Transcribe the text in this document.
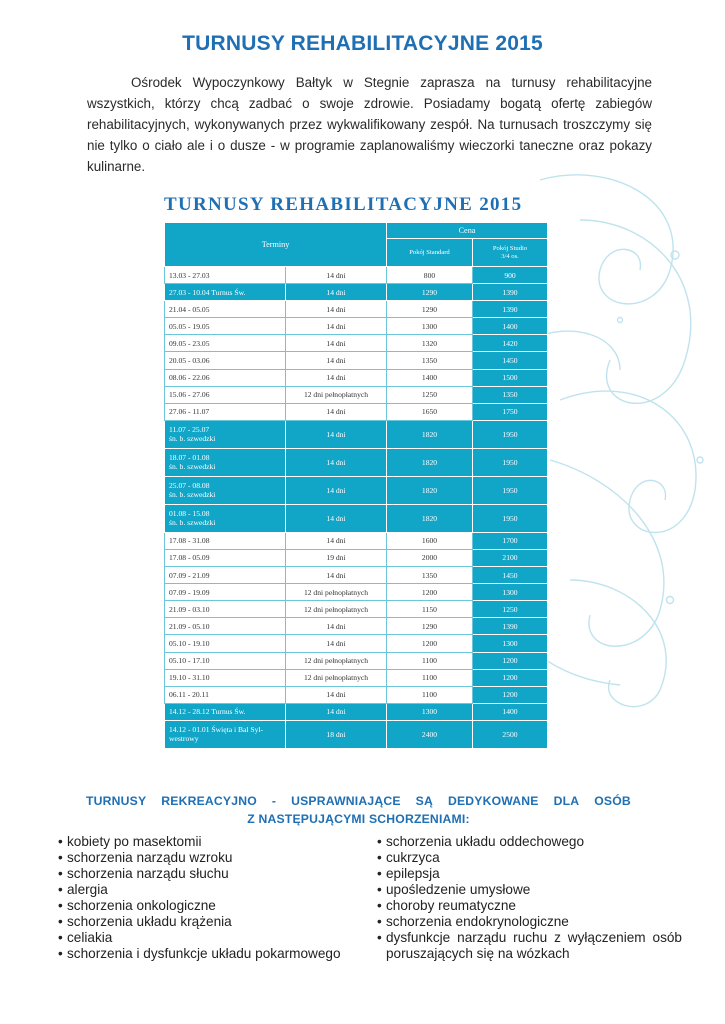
TURNUSY REHABILITACYJNE 2015

Ośrodek Wypoczynkowy Bałtyk w Stegnie zaprasza na turnusy rehabilitacyjne wszystkich, którzy chcą zadbać o swoje zdrowie. Posiadamy bogatą ofertę zabiegów rehabilitacyjnych, wykonywanych przez wykwalifikowany zespół. Na turnusach troszczymy się nie tylko o ciało ale i o dusze - w programie zaplanowaliśmy wieczorki taneczne oraz pokazy kulinarne.

TURNUSY REHABILITACYJNE 2015
Terminy		Cena	
		Pokój Standard	Pokój Studio
3/4 os.
13.03 - 27.03	14 dni	800	900
27.03 - 10.04 Turnus Św.	14 dni	1290	1390
21.04 - 05.05	14 dni	1290	1390
05.05 - 19.05	14 dni	1300	1400
09.05 - 23.05	14 dni	1320	1420
20.05 - 03.06	14 dni	1350	1450
08.06 - 22.06	14 dni	1400	1500
15.06 - 27.06	12 dni pełnopłatnych	1250	1350
27.06 - 11.07	14 dni	1650	1750
11.07 - 25.07
śn. b. szwedzki	14 dni	1820	1950
18.07 - 01.08
śn. b. szwedzki	14 dni	1820	1950
25.07 - 08.08
śn. b. szwedzki	14 dni	1820	1950
01.08 - 15.08
śn. b. szwedzki	14 dni	1820	1950
17.08 - 31.08	14 dni	1600	1700
17.08 - 05.09	19 dni	2000	2100
07.09 - 21.09	14 dni	1350	1450
07.09 - 19.09	12 dni pełnopłatnych	1200	1300
21.09 - 03.10	12 dni pełnopłatnych	1150	1250
21.09 - 05.10	14 dni	1290	1390
05.10 - 19.10	14 dni	1200	1300
05.10 - 17.10	12 dni pełnopłatnych	1100	1200
19.10 - 31.10	12 dni pełnopłatnych	1100	1200
06.11 - 20.11	14 dni	1100	1200
14.12 - 28.12 Turnus Św.	14 dni	1300	1400
14.12 - 01.01 Święta i Bal Syl-
westrowy	18 dni	2400	2500
TURNUSY REKREACYJNO - USPRAWNIAJĄCE SĄ DEDYKOWANE DLA OSÓB
Z NASTĘPUJĄCYMI SCHORZENIAMI:
• kobiety po masektomii
• schorzenia narządu wzroku
• schorzenia narządu słuchu
• alergia
• schorzenia onkologiczne
• schorzenia układu krążenia
• celiakia
• schorzenia i dysfunkcje układu pokarmowego
• schorzenia układu oddechowego
• cukrzyca
• epilepsja
• upośledzenie umysłowe
• choroby reumatyczne
• schorzenia endokrynologiczne
• dysfunkcje narządu ruchu z wyłączeniem osób poruszających się na wózkach
